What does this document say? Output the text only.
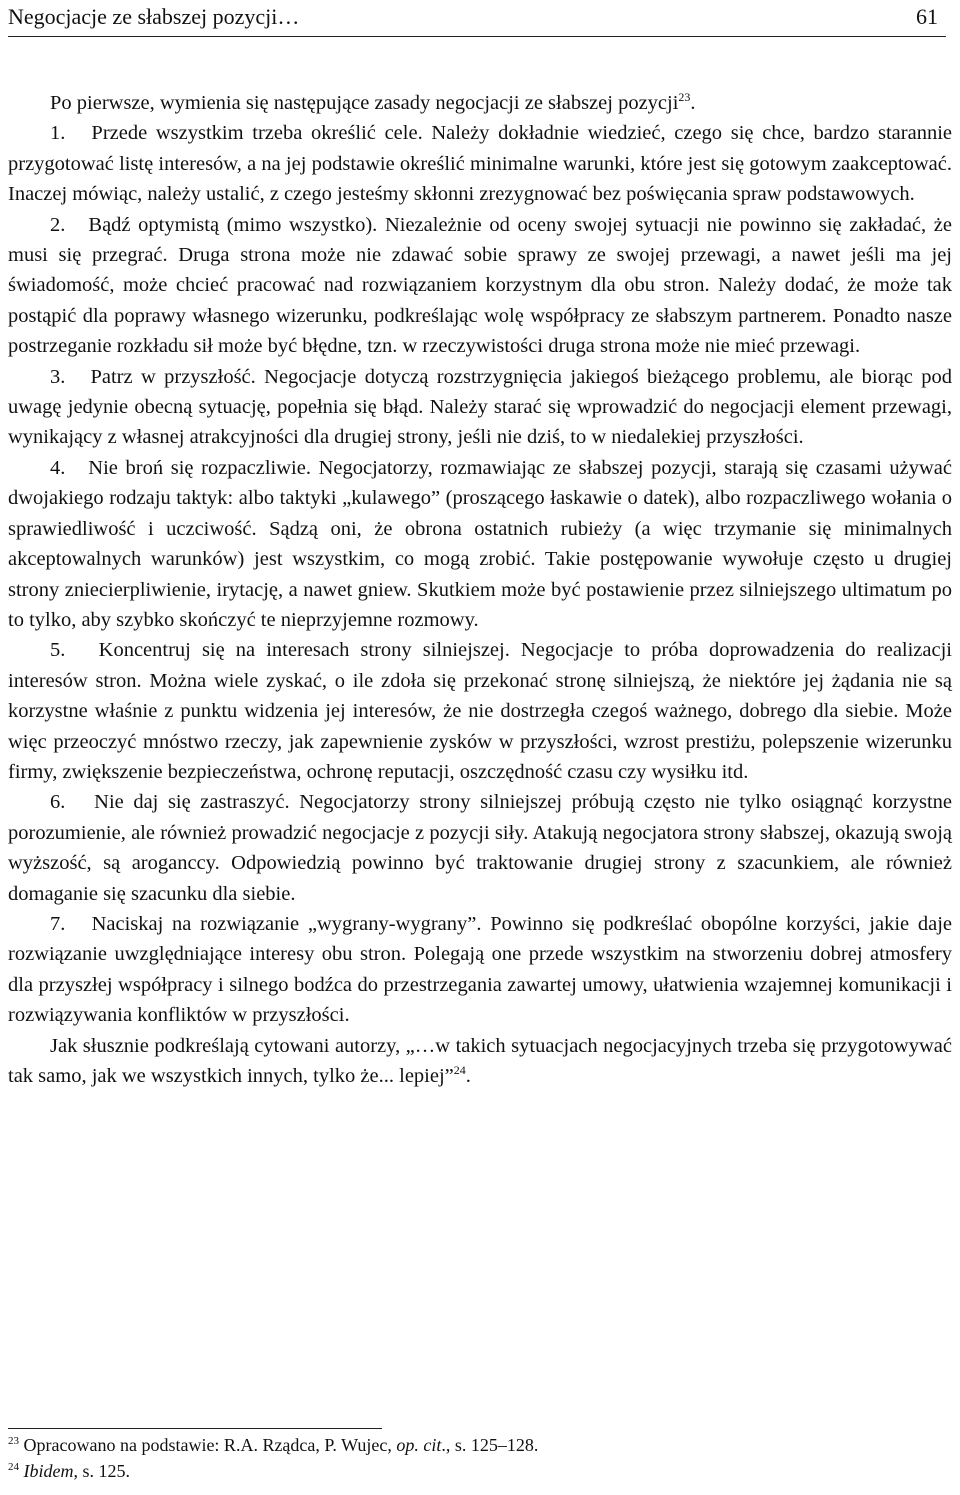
Negocjacje ze słabszej pozycji…	61

Po pierwsze, wymienia się następujące zasady negocjacji ze słabszej pozycji$^{23}$.

1. Przede wszystkim trzeba określić cele. Należy dokładnie wiedzieć, czego się chce, bardzo starannie przygotować listę interesów, a na jej podstawie określić minimalne warunki, które jest się gotowym zaakceptować. Inaczej mówiąc, należy ustalić, z czego jesteśmy skłonni zrezygnować bez poświęcania spraw podstawowych.

2. Bądź optymistą (mimo wszystko). Niezależnie od oceny swojej sytuacji nie powinno się zakładać, że musi się przegrać. Druga strona może nie zdawać sobie sprawy ze swojej przewagi, a nawet jeśli ma jej świadomość, może chcieć pracować nad rozwiązaniem korzystnym dla obu stron. Należy dodać, że może tak postąpić dla poprawy własnego wizerunku, podkreślając wolę współpracy ze słabszym partnerem. Ponadto nasze postrzeganie rozkładu sił może być błędne, tzn. w rzeczywistości druga strona może nie mieć przewagi.

3. Patrz w przyszłość. Negocjacje dotyczą rozstrzygnięcia jakiegoś bieżącego problemu, ale biorąc pod uwagę jedynie obecną sytuację, popełnia się błąd. Należy starać się wprowadzić do negocjacji element przewagi, wynikający z własnej atrakcyjności dla drugiej strony, jeśli nie dziś, to w niedalekiej przyszłości.

4. Nie broń się rozpaczliwie. Negocjatorzy, rozmawiając ze słabszej pozycji, starają się czasami używać dwojakiego rodzaju taktyk: albo taktyki „kulawego” (proszącego łaskawie o datek), albo rozpaczliwego wołania o sprawiedliwość i uczciwość. Sądzą oni, że obrona ostatnich rubieży (a więc trzymanie się minimalnych akceptowalnych warunków) jest wszystkim, co mogą zrobić. Takie postępowanie wywołuje często u drugiej strony zniecierpliwienie, irytację, a nawet gniew. Skutkiem może być postawienie przez silniejszego ultimatum po to tylko, aby szybko skończyć te nieprzyjemne rozmowy.

5. Koncentruj się na interesach strony silniejszej. Negocjacje to próba doprowadzenia do realizacji interesów stron. Można wiele zyskać, o ile zdoła się przekonać stronę silniejszą, że niektóre jej żądania nie są korzystne właśnie z punktu widzenia jej interesów, że nie dostrzegła czegoś ważnego, dobrego dla siebie. Może więc przeoczyć mnóstwo rzeczy, jak zapewnienie zysków w przyszłości, wzrost prestiżu, polepszenie wizerunku firmy, zwiększenie bezpieczeństwa, ochronę reputacji, oszczędność czasu czy wysiłku itd.

6. Nie daj się zastraszyć. Negocjatorzy strony silniejszej próbują często nie tylko osiągnąć korzystne porozumienie, ale również prowadzić negocjacje z pozycji siły. Atakują negocjatora strony słabszej, okazują swoją wyższość, są aroganccy. Odpowiedzią powinno być traktowanie drugiej strony z szacunkiem, ale również domaganie się szacunku dla siebie.

7. Naciskaj na rozwiązanie „wygrany-wygrany”. Powinno się podkreślać obopólne korzyści, jakie daje rozwiązanie uwzględniające interesy obu stron. Polegają one przede wszystkim na stworzeniu dobrej atmosfery dla przyszłej współpracy i silnego bodźca do przestrzegania zawartej umowy, ułatwienia wzajemnej komunikacji i rozwiązywania konfliktów w przyszłości.

Jak słusznie podkreślają cytowani autorzy, „…w takich sytuacjach negocjacyjnych trzeba się przygotowywać tak samo, jak we wszystkich innych, tylko że... lepiej”$^{24}$.

$^{23}$ Opracowano na podstawie: R.A. Rządca, P. Wujec, op. cit., s. 125–128.

$^{24}$ Ibidem, s. 125.
